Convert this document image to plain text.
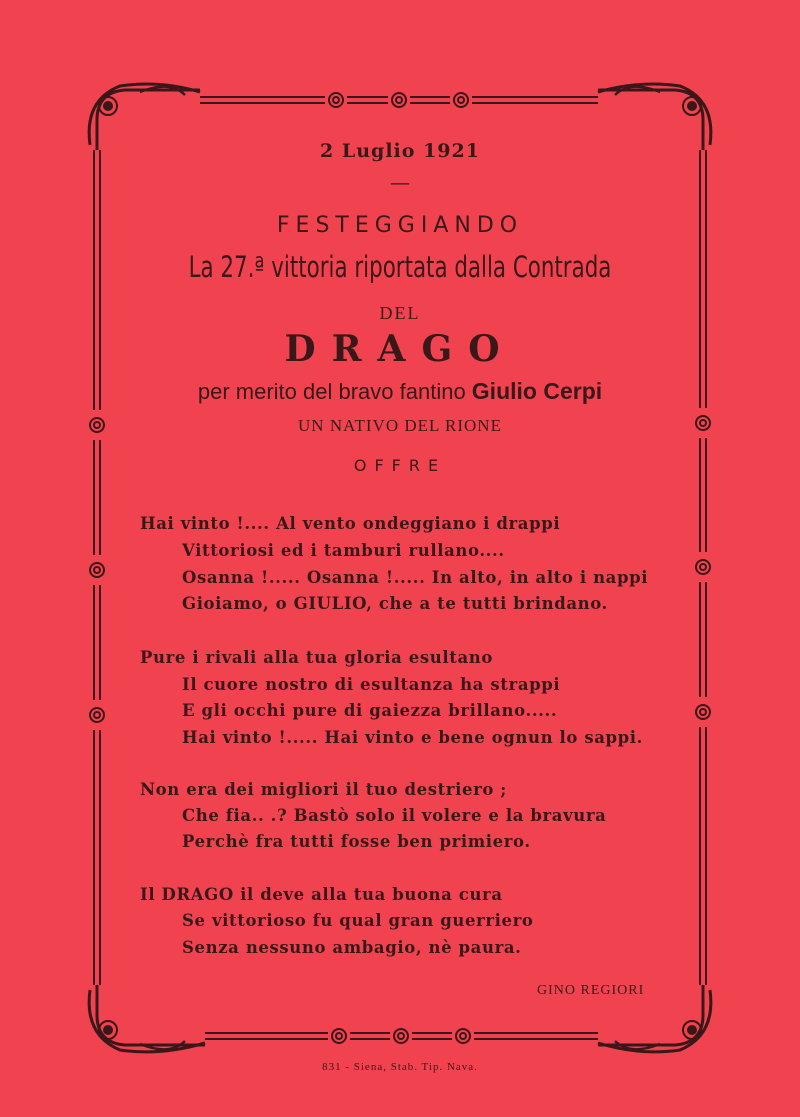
2 Luglio 1921
—
FESTEGGIANDO
La 27.ª vittoria riportata dalla Contrada
DEL
DRAGO
per merito del bravo fantino Giulio Cerpi
UN NATIVO DEL RIONE
OFFRE
Hai vinto !.... Al vento ondeggiano i drappi
Vittoriosi ed i tamburi rullano....
Osanna !..... Osanna !..... In alto, in alto i nappi
Gioiamo, o GIULIO, che a te tutti brindano.
Pure i rivali alla tua gloria esultano
Il cuore nostro di esultanza ha strappi
E gli occhi pure di gaiezza brillano.....
Hai vinto !..... Hai vinto e bene ognun lo sappi.
Non era dei migliori il tuo destriero ;
Che fia.. .? Bastò solo il volere e la bravura
Perchè fra tutti fosse ben primiero.
Il DRAGO il deve alla tua buona cura
Se vittorioso fu qual gran guerriero
Senza nessuno ambagio, nè paura.
GINO REGIORI
831 - Siena, Stab. Tip. Nava.
